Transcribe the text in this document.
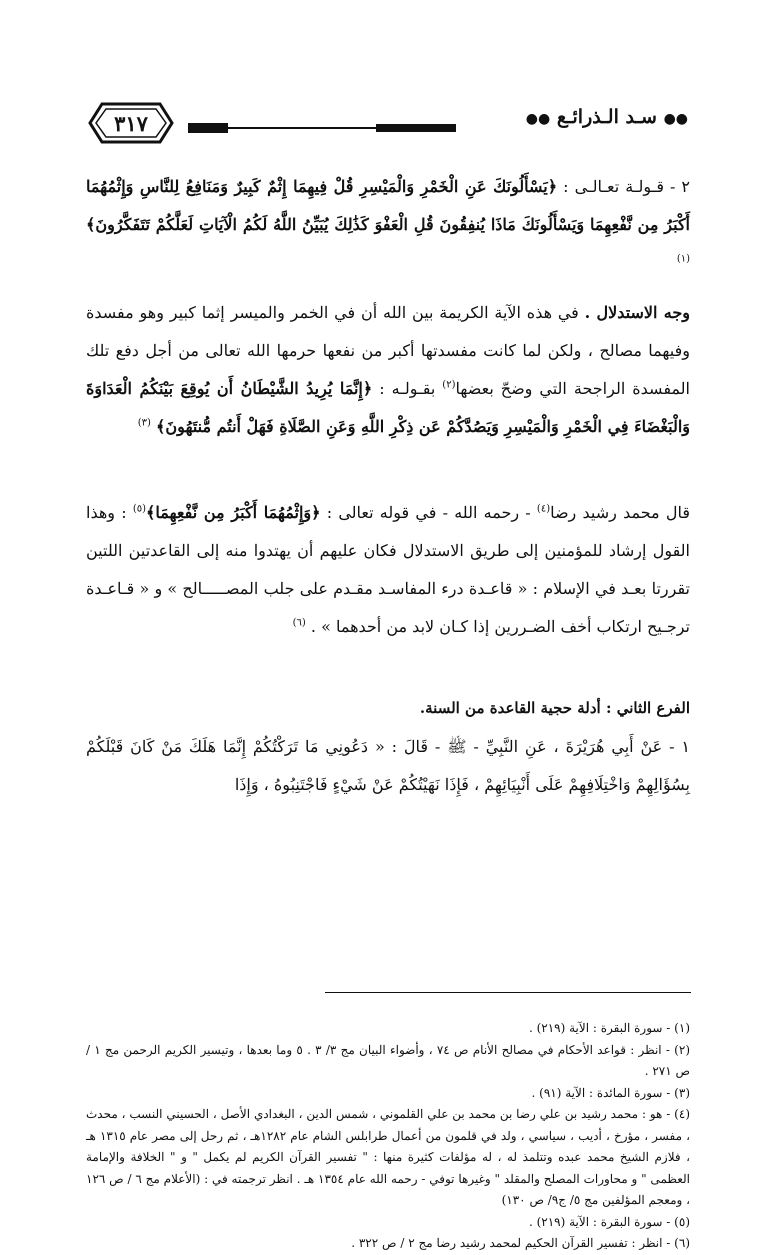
●● سـد الـذرائـع ●●
٣١٧

٢ - قـولـة تعـالـى : ﴿يَسْأَلُونَكَ عَنِ الْخَمْرِ وَالْمَيْسِرِ قُلْ فِيهِمَا إِثْمٌ كَبِيرٌ وَمَنَافِعُ لِلنَّاسِ وَإِثْمُهُمَا أَكْبَرُ مِن نَّفْعِهِمَا وَيَسْأَلُونَكَ مَاذَا يُنفِقُونَ قُلِ الْعَفْوَ كَذَٰلِكَ يُبَيِّنُ اللَّهُ لَكُمُ الْآيَاتِ لَعَلَّكُمْ تَتَفَكَّرُونَ﴾ $^{(١)}$

وجه الاستدلال . في هذه الآية الكريمة بين الله أن في الخمر والميسر إثما كبير وهو مفسدة وفيهما مصالح ، ولكن لما كانت مفسدتها أكبر من نفعها حرمها الله تعالى من أجل دفع تلك المفسدة الراجحة التي وضحّ بعضها$^{(٢)}$ بقـولـه : ﴿إِنَّمَا يُرِيدُ الشَّيْطَانُ أَن يُوقِعَ بَيْنَكُمُ الْعَدَاوَةَ وَالْبَغْضَاءَ فِي الْخَمْرِ وَالْمَيْسِرِ وَيَصُدَّكُمْ عَن ذِكْرِ اللَّهِ وَعَنِ الصَّلَاةِ فَهَلْ أَنتُم مُّنتَهُونَ﴾ $^{(٣)}$

قال محمد رشيد رضا$^{(٤)}$ - رحمه الله - في قوله تعالى : ﴿وَإِثْمُهُمَا أَكْبَرُ مِن نَّفْعِهِمَا﴾$^{(٥)}$ : وهذا القول إرشاد للمؤمنين إلى طريق الاستدلال فكان عليهم أن يهتدوا منه إلى القاعدتين اللتين تقررتا بعـد في الإسلام : « قاعـدة درء المفاسـد مقـدم على جلب المصـــــالح » و « قـاعـدة ترجـيح ارتكاب أخف الضـررين إذا كـان لابد من أحدهما » . $^{(٦)}$

الفرع الثاني : أدلة حجية القاعدة من السنة.

١ - عَنْ أَبِي هُرَيْرَةَ ، عَنِ النَّبِيِّ - ﷺ - قَالَ : « دَعُونِي مَا تَرَكْتُكُمْ إِنَّمَا هَلَكَ مَنْ كَانَ قَبْلَكُمْ بِسُؤَالِهِمْ وَاخْتِلَافِهِمْ عَلَى أَنْبِيَائِهِمْ ، فَإِذَا نَهَيْتُكُمْ عَنْ شَيْءٍ فَاجْتَنِبُوهُ ، وَإِذَا

(١) - سورة البقرة : الآية (٢١٩) .

(٢) - انظر : قواعد الأحكام في مصالح الأنام ص ٧٤ ، وأضواء البيان مج ٣/ ٣ . ٥ وما بعدها ، وتيسير الكريم الرحمن مج ١ / ص ٢٧١ .

(٣) - سورة المائدة : الآية (٩١) .

(٤) - هو : محمد رشيد بن علي رضا بن محمد بن علي القلموني ، شمس الدين ، البغدادي الأصل ، الحسيني النسب ، محدث ، مفسر ، مؤرخ ، أديب ، سياسي ، ولد في قلمون من أعمال طرابلس الشام عام ١٢٨٢هـ ، ثم رحل إلى مصر عام ١٣١٥ هـ ، فلازم الشيخ محمد عبده وتتلمذ له ، له مؤلفات كثيرة منها : " تفسير القرآن الكريم لم يكمل " و " الخلافة والإمامة العظمى " و محاورات المصلح والمقلد " وغيرها توفي - رحمه الله عام ١٣٥٤ هـ . انظر ترجمته في : (الأعلام مج ٦ / ص ١٢٦ ، ومعجم المؤلفين مج ٥/ ج٩/ ص ١٣٠)

(٥) - سورة البقرة : الآية (٢١٩) .

(٦) - انظر : تفسير القرآن الحكيم لمحمد رشيد رضا مج ٢ / ص ٣٢٢ .
